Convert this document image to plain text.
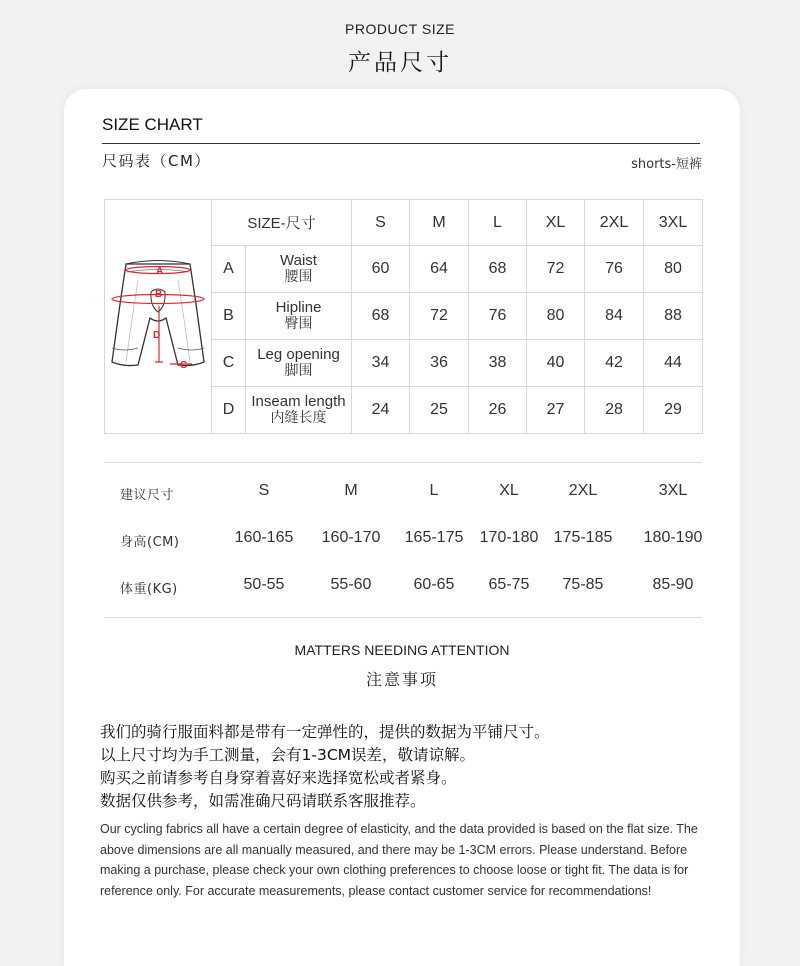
PRODUCT SIZE
产品尺寸
SIZE CHART
尺码表（CM）	shorts-短裤
A
B
D
C	SIZE-尺寸		S	M	L	XL	2XL	3XL
	A	Waist
腰围	60	64	68	72	76	80
	B	Hipline
臀围	68	72	76	80	84	88
	C	Leg opening
脚围	34	36	38	40	42	44
	D	Inseam length
内缝长度	24	25	26	27	28	29
建议尺寸	S	M	L	XL	2XL	3XL
身高(CM)	160-165	160-170	165-175	170-180 175-185	180-190
体重(KG)	50-55	55-60	60-65	65-75	75-85	85-90
MATTERS NEEDING ATTENTION
注意事项
我们的骑行服面料都是带有一定弹性的，提供的数据为平铺尺寸。
以上尺寸均为手工测量，会有1-3CM误差，敬请谅解。
购买之前请参考自身穿着喜好来选择宽松或者紧身。
数据仅供参考，如需准确尺码请联系客服推荐。
Our cycling fabrics all have a certain degree of elasticity, and the data provided is based on the flat size. The above dimensions are all manually measured, and there may be 1-3CM errors. Please understand. Before making a purchase, please check your own clothing preferences to choose loose or tight fit. The data is for reference only. For accurate measurements, please contact customer service for recommendations!
